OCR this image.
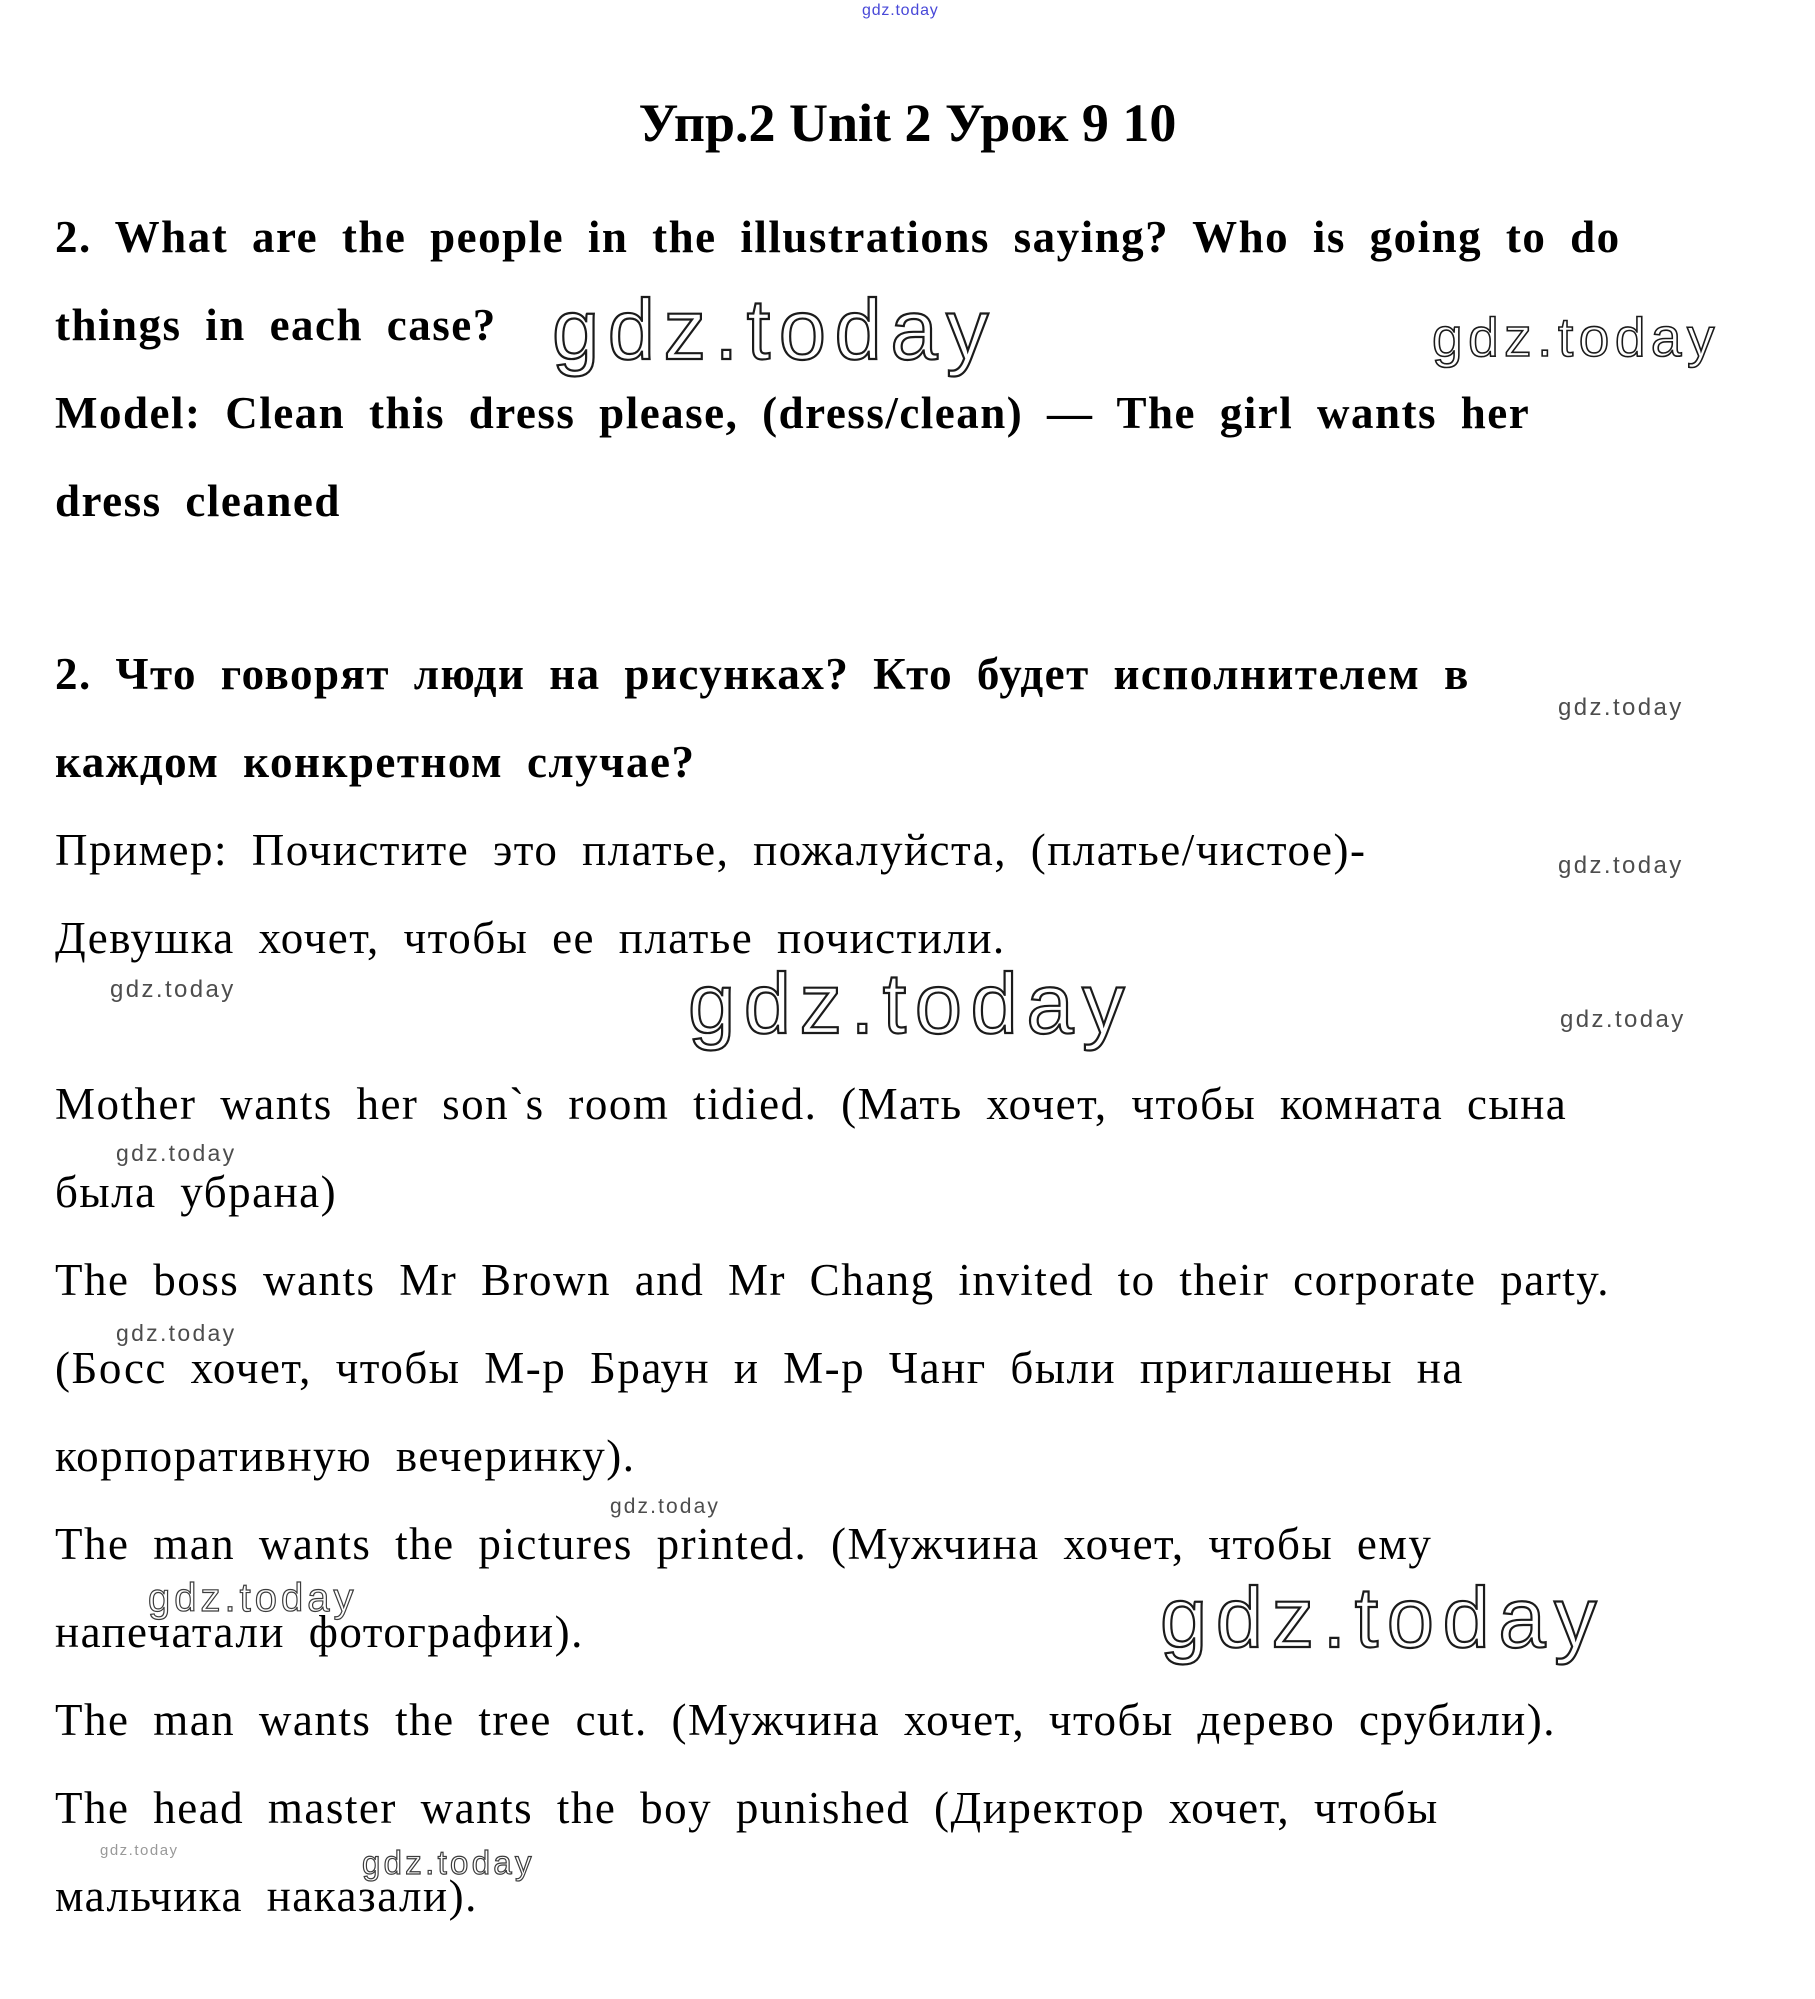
Упр.2 Unit 2 Урок 9 10
2. What are the people in the illustrations saying? Who is going to do
things in each case?
Model: Clean this dress please, (dress/clean) — The girl wants her
dress cleaned
2. Что говорят люди на рисунках? Кто будет исполнителем в
каждом конкретном случае?
Пример: Почистите это платье, пожалуйста, (платье/чистое)-
Девушка хочет, чтобы ее платье почистили.
Mother wants her son`s room tidied. (Мать хочет, чтобы комната сына
была убрана)
The boss wants Mr Brown and Mr Chang invited to their corporate party.
(Босс хочет, чтобы М-р Браун и М-р Чанг были приглашены на
корпоративную вечеринку).
The man wants the pictures printed. (Мужчина хочет, чтобы ему
напечатали фотографии).
The man wants the tree cut. (Мужчина хочет, чтобы дерево срубили).
The head master wants the boy punished (Директор хочет, чтобы
мальчика наказали).
gdz.today
gdz.today	gdz.today
gdz.today
gdz.today
gdz.today	gdz.today	gdz.today
gdz.today
gdz.today
gdz.today
gdz.today	gdz.today
gdz.today	gdz.today
